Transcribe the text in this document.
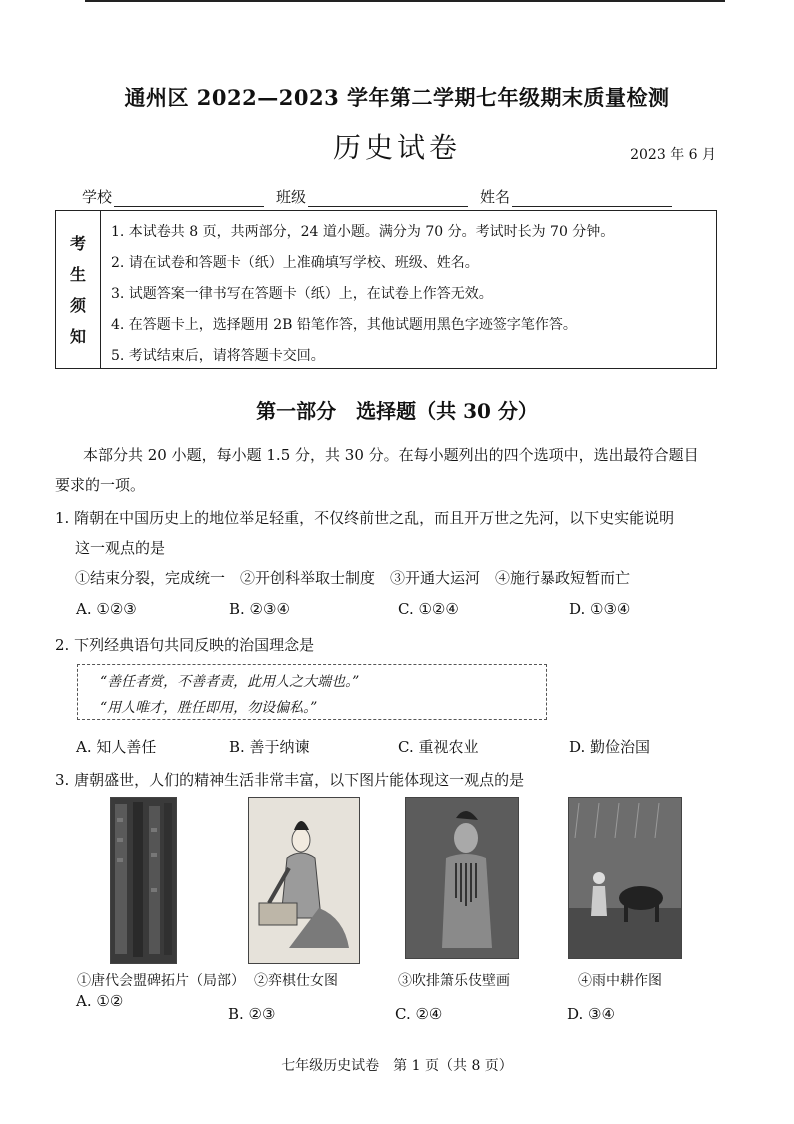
通州区 2022—2023 学年第二学期七年级期末质量检测
历史试卷	2023 年 6 月
学校	班级	姓名
考
生
须
知
1. 本试卷共 8 页，共两部分，24 道小题。满分为 70 分。考试时长为 70 分钟。
2. 请在试卷和答题卡（纸）上准确填写学校、班级、姓名。
3. 试题答案一律书写在答题卡（纸）上，在试卷上作答无效。
4. 在答题卡上，选择题用 2B 铅笔作答，其他试题用黑色字迹签字笔作答。
5. 考试结束后，请将答题卡交回。
第一部分　选择题（共 30 分）
本部分共 20 小题，每小题 1.5 分，共 30 分。在每小题列出的四个选项中，选出最符合题目
要求的一项。
1. 隋朝在中国历史上的地位举足轻重，不仅终前世之乱，而且开万世之先河，以下史实能说明
这一观点的是
①结束分裂，完成统一　②开创科举取士制度　③开通大运河　④施行暴政短暂而亡
A. ①②③	B. ②③④	C. ①②④	D. ①③④
2. 下列经典语句共同反映的治国理念是
“善任者赏，不善者责，此用人之大端也。”
“用人唯才，胜任即用，勿设偏私。”
A. 知人善任	B. 善于纳谏	C. 重视农业	D. 勤俭治国
3. 唐朝盛世，人们的精神生活非常丰富，以下图片能体现这一观点的是
①唐代会盟碑拓片（局部） ②弈棋仕女图	③吹排箫乐伎壁画	④雨中耕作图
A. ①②
B. ②③	C. ②④	D. ③④
七年级历史试卷　第 1 页（共 8 页）
